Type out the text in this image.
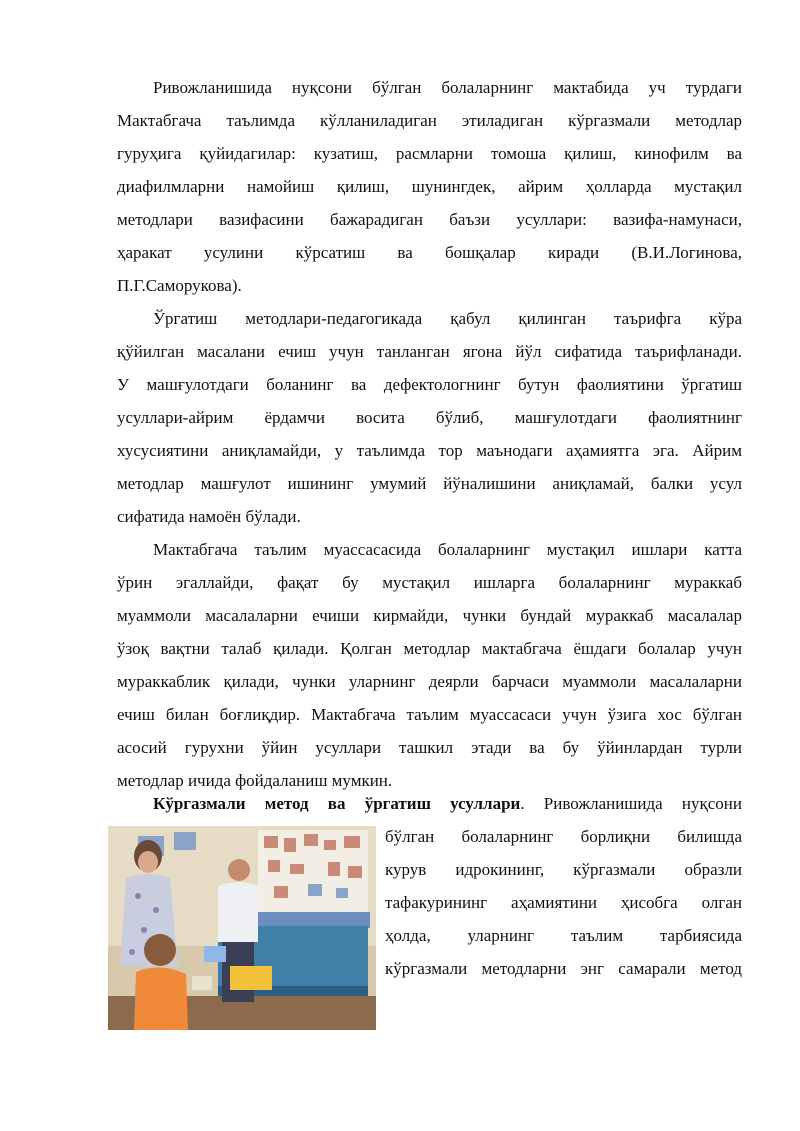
Ривожланишида нуқсони бўлган болаларнинг мактабида уч турдаги
Мактабгача таълимда кўлланиладиган этиладиган кўргазмали методлар
гуруҳига қуйидагилар: кузатиш, расмларни томоша қилиш, кинофилм ва
диафилмларни намойиш қилиш, шунингдек, айрим ҳолларда мустақил
методлари вазифасини бажарадиган баъзи усуллари: вазифа-намунаси,
ҳаракат усулини кўрсатиш ва бошқалар киради (В.И.Логинова,
П.Г.Саморукова).
Ўргатиш методлари-педагогикада қабул қилинган таърифга кўра
қўйилган масалани ечиш учун танланган ягона йўл сифатида таърифланади.
У машғулотдаги боланинг ва дефектологнинг бутун фаолиятини ўргатиш
усуллари-айрим ёрдамчи восита бўлиб, машғулотдаги фаолиятнинг
хусусиятини аниқламайди, у таълимда тор маънодаги аҳамиятга эга. Айрим
методлар машғулот ишининг умумий йўналишини аниқламай, балки усул
сифатида намоён бўлади.
Мактабгача таълим муассасасида болаларнинг мустақил ишлари катта
ўрин эгаллайди, фақат бу мустақил ишларга болаларнинг мураккаб
муаммоли масалаларни ечиши кирмайди, чунки бундай мураккаб масалалар
ўзоқ вақтни талаб қилади. Қолган методлар мактабгача ёшдаги болалар учун
мураккаблик қилади, чунки уларнинг деярли барчаси муаммоли масалаларни
ечиш билан боғлиқдир. Мактабгача таълим муассасаси учун ўзига хос бўлган
асосий гурухни ўйин усуллари ташкил этади ва бу ўйинлардан турли
методлар ичида фойдаланиш мумкин.
Кўргазмали метод ва ўргатиш усуллари. Ривожланишида нуқсони
бўлган болаларнинг борлиқни билишда
курув идрокининг, кўргазмали образли
тафакурининг аҳамиятини ҳисобга олган
ҳолда, уларнинг таълим тарбиясида
кўргазмали методларни энг самарали метод
